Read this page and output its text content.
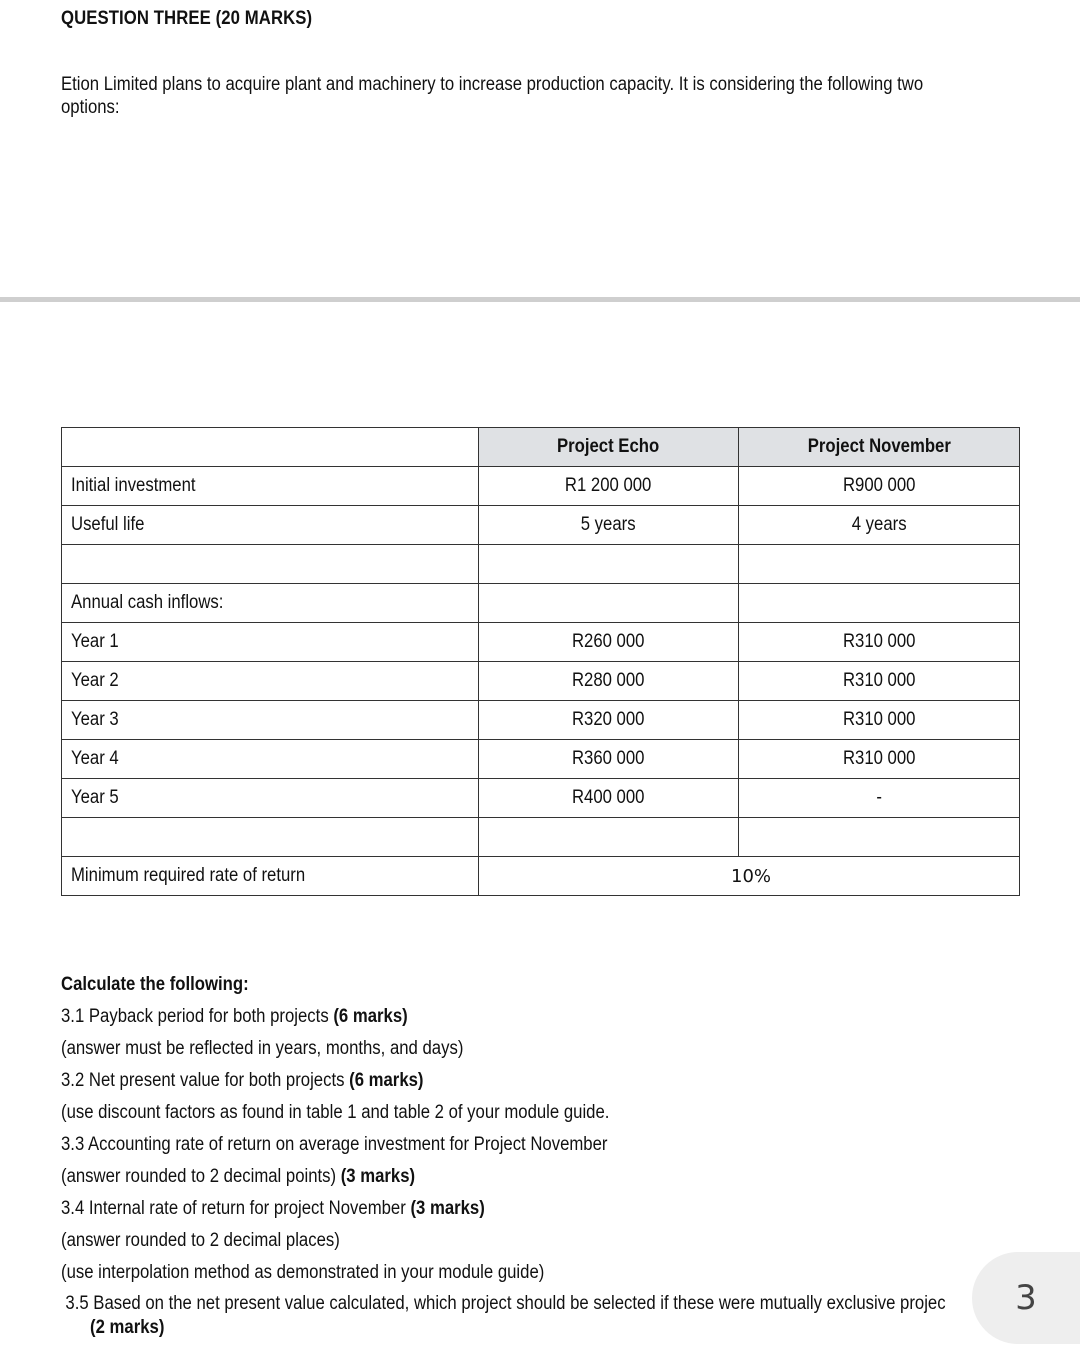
QUESTION THREE (20 MARKS)
Etion Limited plans to acquire plant and machinery to increase production capacity. It is considering the following two
options:
	Project Echo	Project November
Initial investment	R1 200 000	R900 000
Useful life	5 years	4 years

Annual cash inflows:		
Year 1	R260 000	R310 000
Year 2	R280 000	R310 000
Year 3	R320 000	R310 000
Year 4	R360 000	R310 000
Year 5	R400 000	-

Minimum required rate of return	10%	
Calculate the following:
3.1 Payback period for both projects (6 marks)
(answer must be reflected in years, months, and days)
3.2 Net present value for both projects (6 marks)
(use discount factors as found in table 1 and table 2 of your module guide.
3.3 Accounting rate of return on average investment for Project November
(answer rounded to 2 decimal points) (3 marks)
3.4 Internal rate of return for project November (3 marks)
(answer rounded to 2 decimal places)
(use interpolation method as demonstrated in your module guide)
3.5 Based on the net present value calculated, which project should be selected if these were mutually exclusive projec
(2 marks)
3
